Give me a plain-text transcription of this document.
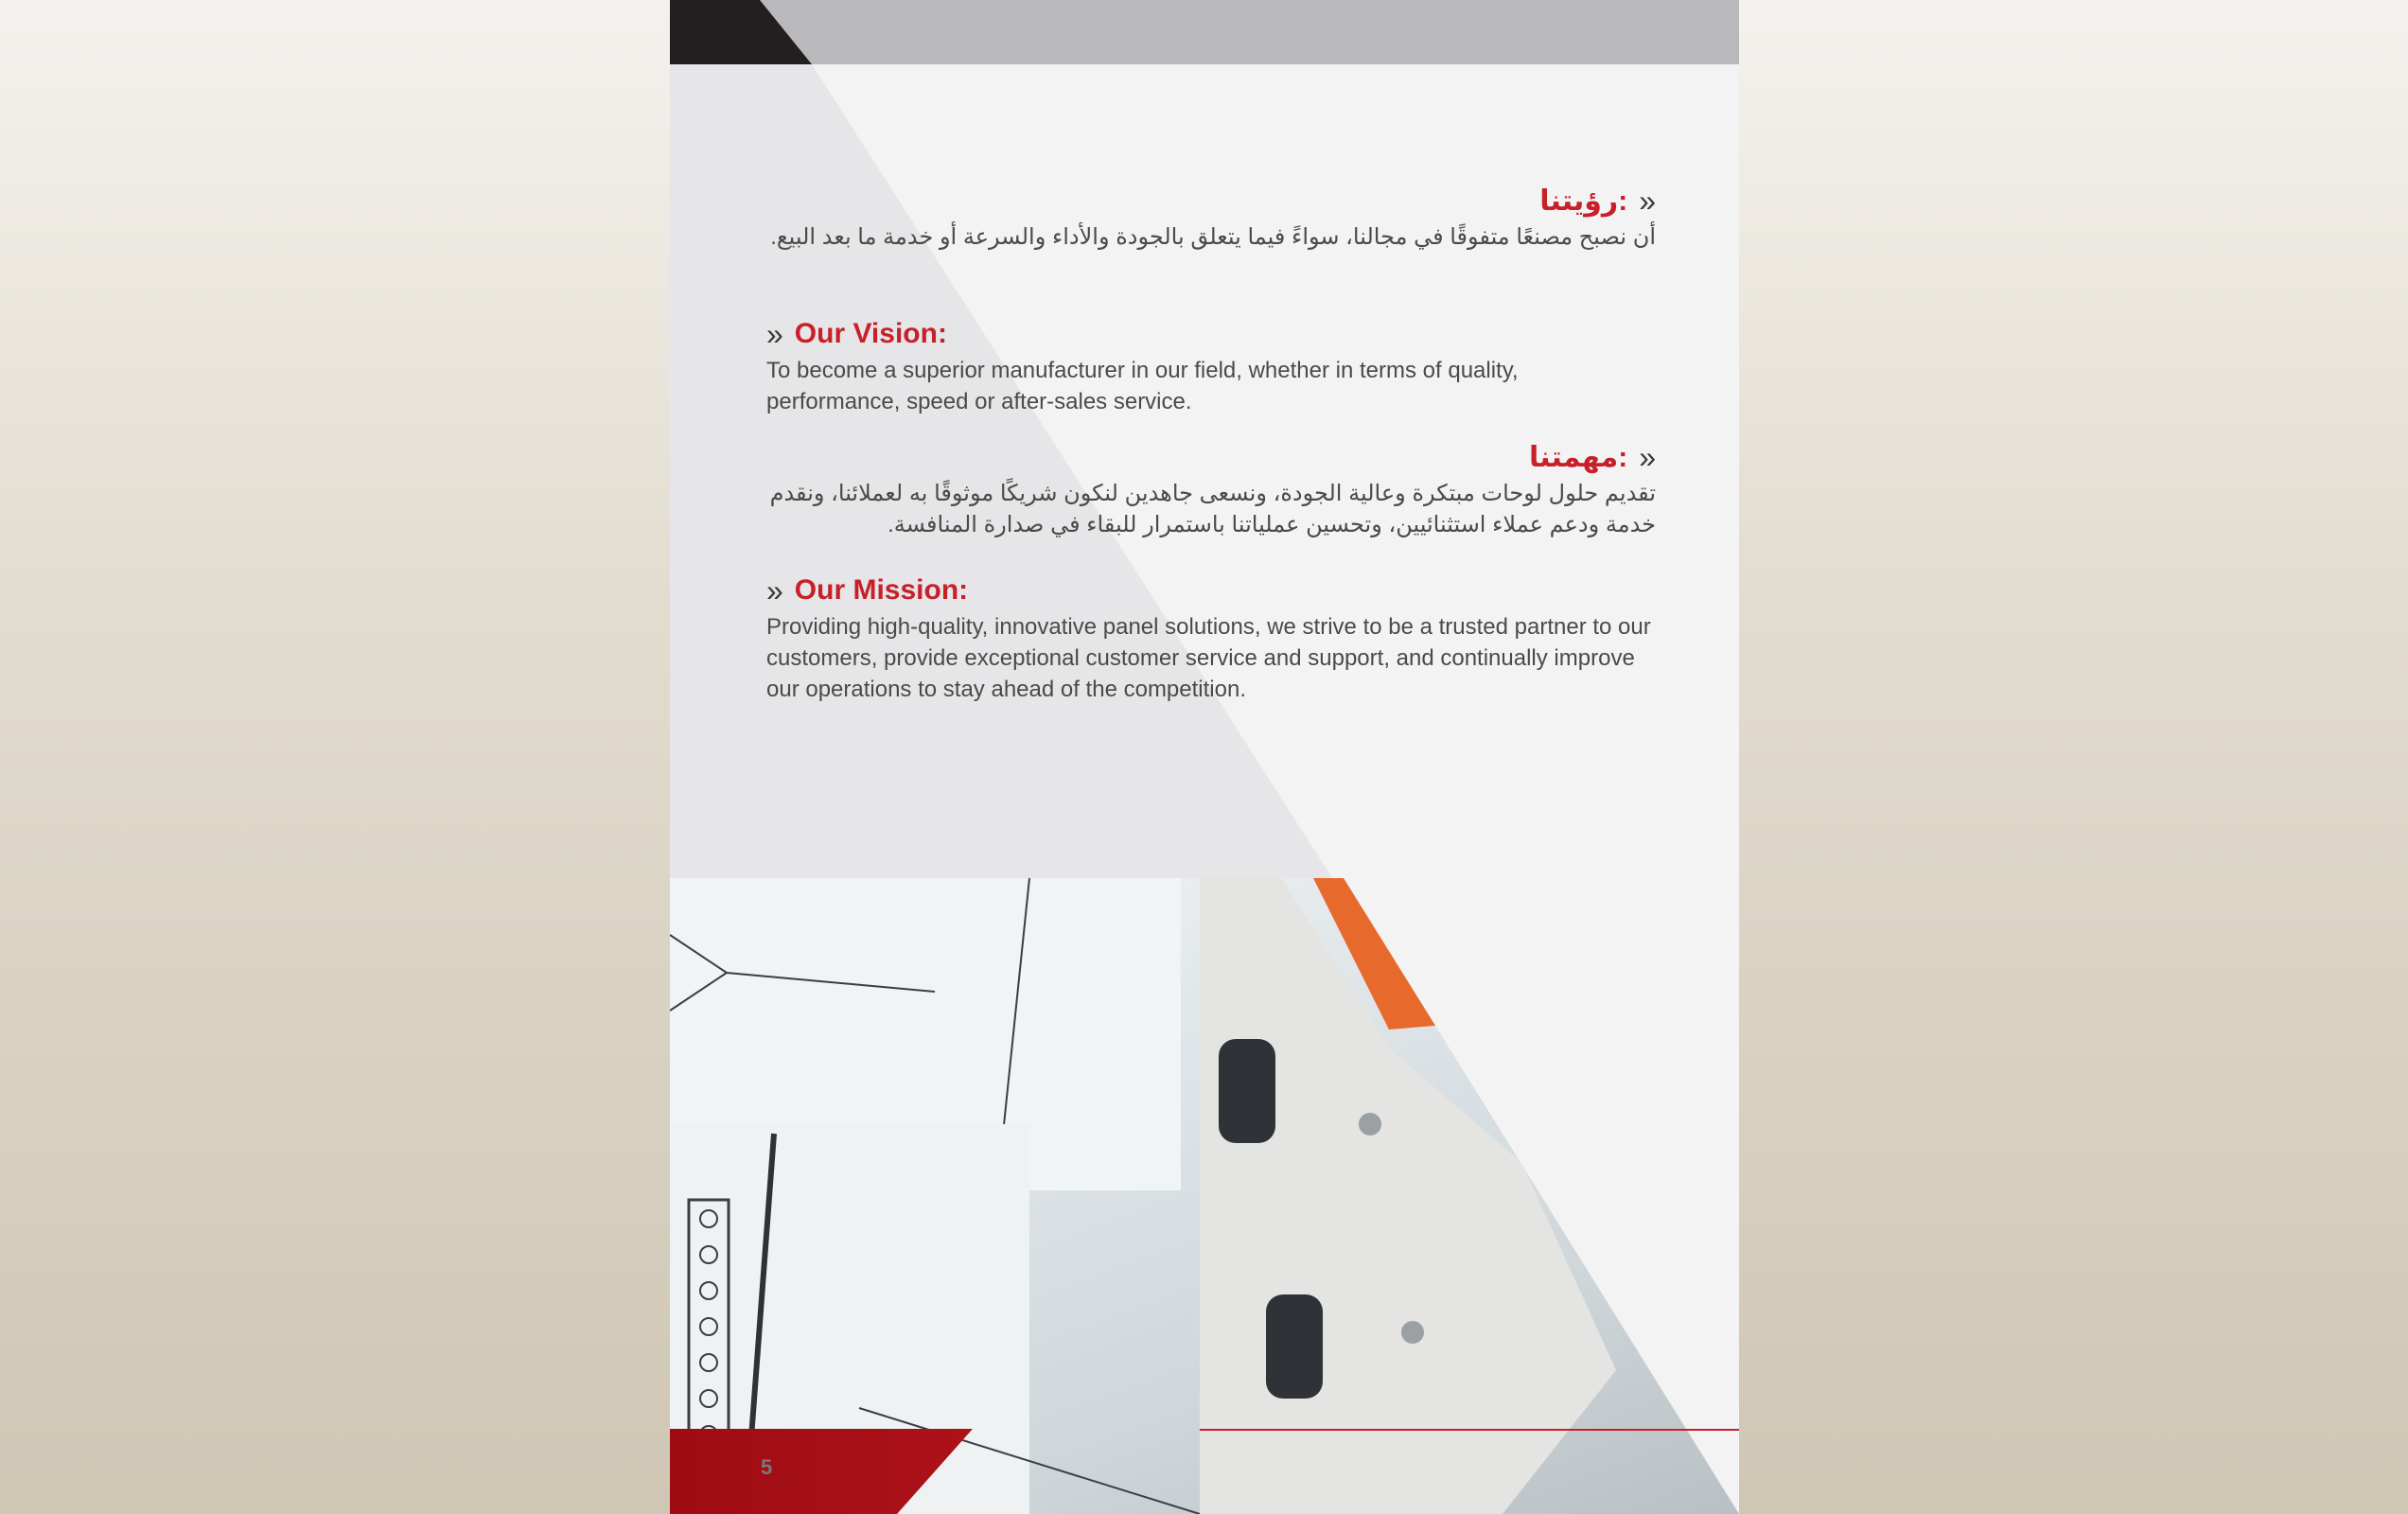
5
»
رؤيتنا:
أن نصبح مصنعًا متفوقًا في مجالنا، سواءً فيما يتعلق بالجودة والأداء والسرعة أو خدمة ما بعد البيع.
» Our Vision:
To become a superior manufacturer in our field, whether in terms of quality, performance, speed or after-sales service.
»
مهمتنا:
تقديم حلول لوحات مبتكرة وعالية الجودة، ونسعى جاهدين لنكون شريكًا موثوقًا به لعملائنا، ونقدم خدمة ودعم عملاء استثنائيين، وتحسين عملياتنا باستمرار للبقاء في صدارة المنافسة.
» Our Mission:
Providing high-quality, innovative panel solutions, we strive to be a trusted partner to our customers, provide exceptional customer service and support, and continually improve our operations to stay ahead of the competition.
